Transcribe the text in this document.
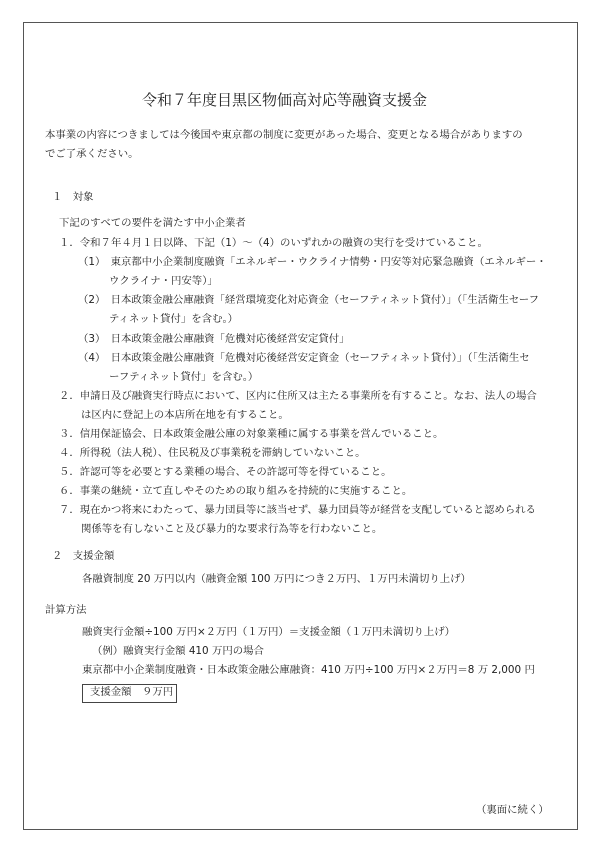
令和７年度目黒区物価高対応等融資支援金
本事業の内容につきましては今後国や東京都の制度に変更があった場合、変更となる場合がありますの
でご了承ください。
１　対象
下記のすべての要件を満たす中小企業者
１．令和７年４月１日以降、下記（1）～（4）のいずれかの融資の実行を受けていること。
（1）　東京都中小企業制度融資「エネルギー・ウクライナ情勢・円安等対応緊急融資（エネルギー・
ウクライナ・円安等）」
（2）　日本政策金融公庫融資「経営環境変化対応資金（セーフティネット貸付）」（「生活衛生セーフ
ティネット貸付」を含む。）
（3）　日本政策金融公庫融資「危機対応後経営安定貸付」
（4）　日本政策金融公庫融資「危機対応後経営安定資金（セーフティネット貸付）」（「生活衛生セ
ーフティネット貸付」を含む。）
２．申請日及び融資実行時点において、区内に住所又は主たる事業所を有すること。なお、法人の場合
は区内に登記上の本店所在地を有すること。
３．信用保証協会、日本政策金融公庫の対象業種に属する事業を営んでいること。
４．所得税（法人税）、住民税及び事業税を滞納していないこと。
５．許認可等を必要とする業種の場合、その許認可等を得ていること。
６．事業の継続・立て直しやそのための取り組みを持続的に実施すること。
７．現在かつ将来にわたって、暴力団員等に該当せず、暴力団員等が経営を支配していると認められる
関係等を有しないこと及び暴力的な要求行為等を行わないこと。
２　支援金額
各融資制度 20 万円以内（融資金額 100 万円につき２万円、１万円未満切り上げ）
計算方法
融資実行金額÷100 万円×２万円（１万円）＝支援金額（１万円未満切り上げ）
（例）融資実行金額 410 万円の場合
東京都中小企業制度融資・日本政策金融公庫融資：410 万円÷100 万円×２万円＝8 万 2,000 円
支援金額　９万円
（裏面に続く）
